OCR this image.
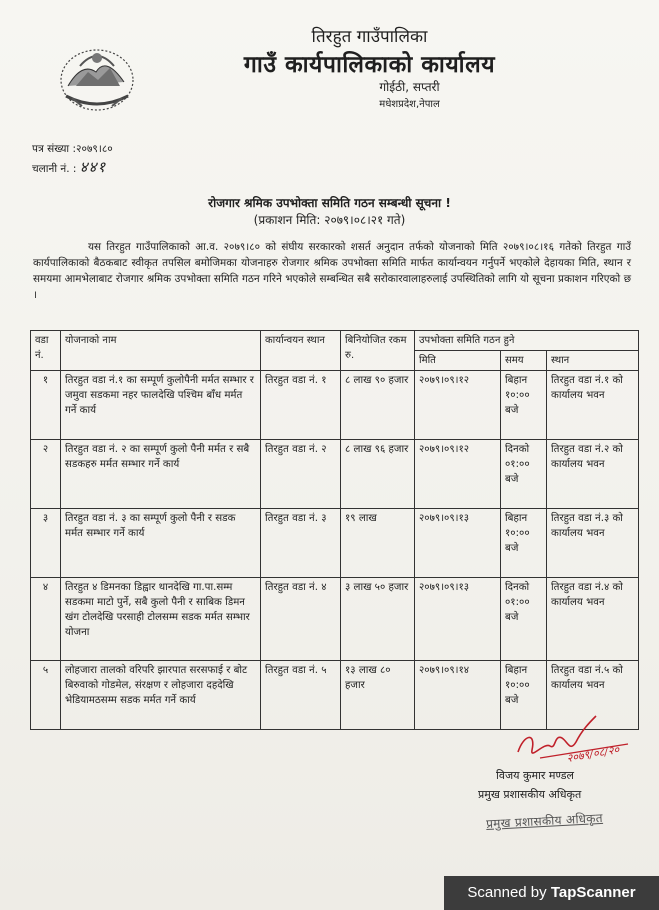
तिरहुत गाउँपालिका
गाउँ कार्यपालिकाको कार्यालय
गोईठी, सप्तरी
मधेशप्रदेश,नेपाल
पत्र संख्या :२०७९।८०
चलानी नं. : ४४१
रोजगार श्रमिक उपभोक्ता समिति गठन सम्बन्धी सूचना !
(प्रकाशन मिति: २०७९।०८।२१ गते)
यस तिरहुत गाउँपालिकाको आ.व. २०७९।८० को संघीय सरकारको शसर्त अनुदान तर्फको योजनाको मिति २०७९।०८।१६ गतेको तिरहुत गाउँ कार्यपालिकाको बैठकबाट स्वीकृत तपसिल बमोजिमका योजनाहरु रोजगार श्रमिक उपभोक्ता समिति मार्फत कार्यान्वयन गर्नुपर्ने भएकोले देहायका मिति, स्थान र समयमा आमभेलाबाट रोजगार श्रमिक उपभोक्ता समिति गठन गरिने भएकोले सम्बन्धित सबै सरोकारवालाहरुलाई उपस्थितिको लागि यो सूचना प्रकाशन गरिएको छ ।
वडा नं.	योजनाको नाम	कार्यान्वयन स्थान	बिनियोजित रकम रु.	उपभोक्ता समिति गठन हुने		
				मिति	समय	स्थान
१	तिरहुत वडा नं.१ का सम्पूर्ण कुलोपैनी मर्मत सम्भार र जमुवा सडकमा नहर फालदेखि पश्चिम बाँध मर्मत गर्ने कार्य	तिरहुत वडा नं. १	८ लाख ९० हजार	२०७९।०९।१२	बिहान १०:०० बजे	तिरहुत वडा नं.१ को कार्यालय भवन
२	तिरहुत वडा नं. २ का सम्पूर्ण कुलो पैनी मर्मत र सबै सडकहरु मर्मत सम्भार गर्ने कार्य	तिरहुत वडा नं. २	८ लाख ९६ हजार	२०७९।०९।१२	दिनको ०१:०० बजे	तिरहुत वडा नं.२ को कार्यालय भवन
३	तिरहुत वडा नं. ३ का सम्पूर्ण कुलो पैनी र सडक मर्मत सम्भार गर्ने कार्य	तिरहुत वडा नं. ३	१९ लाख	२०७९।०९।१३	बिहान १०:०० बजे	तिरहुत वडा नं.३ को कार्यालय भवन
४	तिरहुत ४ डिमनका डिह्वार थानदेखि गा.पा.सम्म सडकमा माटो पुर्ने, सबै कुलो पैनी र साबिक डिमन खंग टोलदेखि परसाही टोलसम्म सडक मर्मत सम्भार योजना	तिरहुत वडा नं. ४	३ लाख ५० हजार	२०७९।०९।१३	दिनको ०१:०० बजे	तिरहुत वडा नं.४ को कार्यालय भवन
५	लोहजारा तालको वरिपरि झारपात सरसफाई र बोट बिरुवाको गोडमेल, संरक्षण र लोहजारा दहदेखि भेडियामठसम्म सडक मर्मत गर्ने कार्य	तिरहुत वडा नं. ५	१३ लाख ८० हजार	२०७९।०९।१४	बिहान १०:०० बजे	तिरहुत वडा नं.५ को कार्यालय भवन
२०७९/०८/२०
विजय कुमार मण्डल
प्रमुख प्रशासकीय अधिकृत
प्रमुख प्रशासकीय अधिकृत
Scanned by TapScanner
